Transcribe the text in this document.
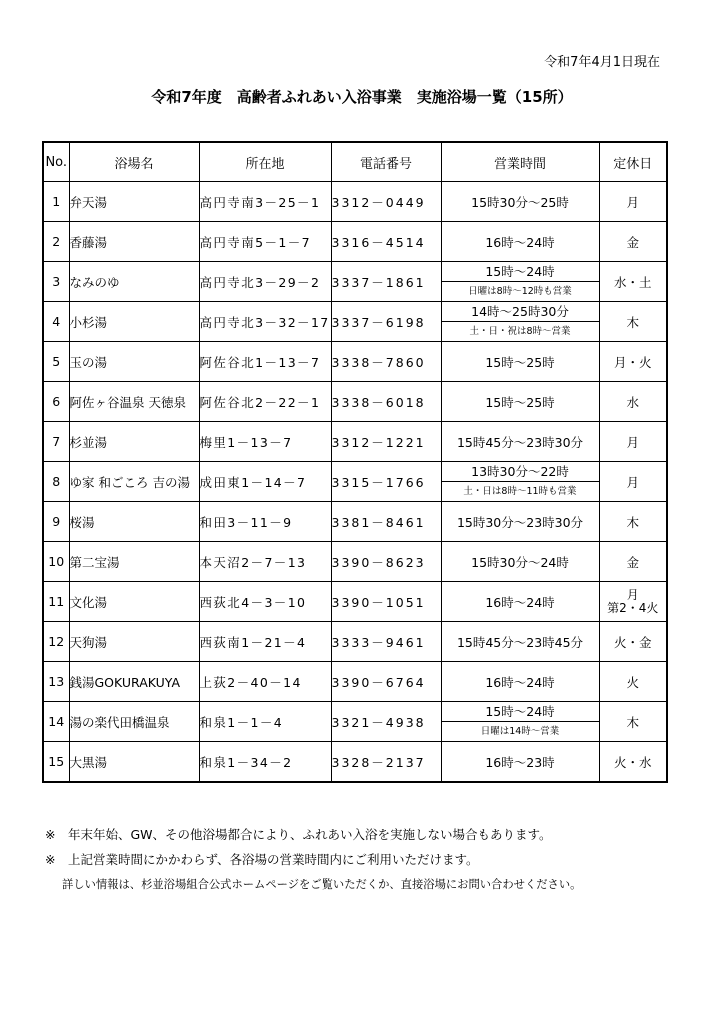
令和7年4月1日現在
令和7年度　高齢者ふれあい入浴事業　実施浴場一覧（15所）
No.	浴場名	所在地	電話番号	営業時間	定休日
1	弁天湯	高円寺南3－25－1	3312－0449	15時30分～25時	月
2	香藤湯	高円寺南5－1－7	3316－4514	16時～24時	金
3	なみのゆ	高円寺北3－29－2	3337－1861	15時～24時
日曜は8時～12時も営業	水・土
4	小杉湯	高円寺北3－32－17	3337－6198	14時～25時30分
土・日・祝は8時～営業	木
5	玉の湯	阿佐谷北1－13－7	3338－7860	15時～25時	月・火
6	阿佐ヶ谷温泉 天徳泉	阿佐谷北2－22－1	3338－6018	15時～25時	水
7	杉並湯	梅里1－13－7	3312－1221	15時45分～23時30分	月
8	ゆ家 和ごころ 吉の湯	成田東1－14－7	3315－1766	13時30分～22時
土・日は8時～11時も営業	月
9	桜湯	和田3－11－9	3381－8461	15時30分～23時30分	木
10	第二宝湯	本天沼2－7－13	3390－8623	15時30分～24時	金
11	文化湯	西荻北4－3－10	3390－1051	16時～24時	月
第2・4火

12	天狗湯	西荻南1－21－4	3333－9461	15時45分～23時45分	火・金
13	銭湯GOKURAKUYA	上荻2－40－14	3390－6764	16時～24時	火
14	湯の楽代田橋温泉	和泉1－1－4	3321－4938	15時～24時
日曜は14時～営業	木
15	大黒湯	和泉1－34－2	3328－2137	16時～23時	火・水
※　年末年始、GW、その他浴場都合により、ふれあい入浴を実施しない場合もあります。
※　上記営業時間にかかわらず、各浴場の営業時間内にご利用いただけます。
詳しい情報は、杉並浴場組合公式ホームページをご覧いただくか、直接浴場にお問い合わせください。
